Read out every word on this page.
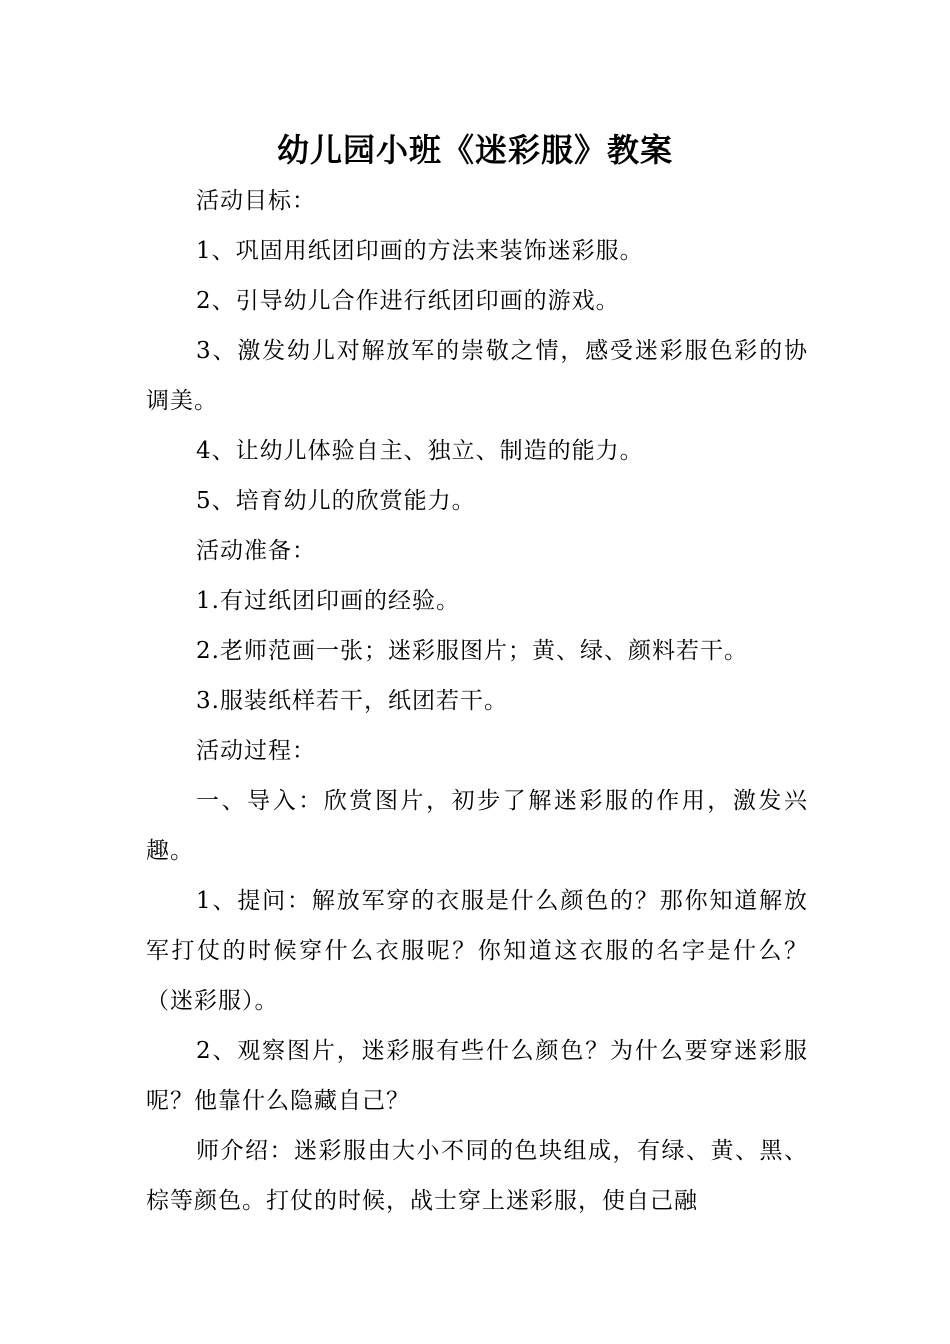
幼儿园小班《迷彩服》教案

活动目标：

1、巩固用纸团印画的方法来装饰迷彩服。

2、引导幼儿合作进行纸团印画的游戏。

3、激发幼儿对解放军的崇敬之情，感受迷彩服色彩的协调美。

4、让幼儿体验自主、独立、制造的能力。

5、培育幼儿的欣赏能力。

活动准备：

1.有过纸团印画的经验。

2.老师范画一张；迷彩服图片；黄、绿、颜料若干。

3.服装纸样若干，纸团若干。

活动过程：

一、导入：欣赏图片，初步了解迷彩服的作用，激发兴趣。

1、提问：解放军穿的衣服是什么颜色的？那你知道解放军打仗的时候穿什么衣服呢？你知道这衣服的名字是什么？ （迷彩服）。

2、观察图片，迷彩服有些什么颜色？为什么要穿迷彩服呢？他靠什么隐藏自己？

师介绍：迷彩服由大小不同的色块组成，有绿、黄、黑、棕等颜色。打仗的时候，战士穿上迷彩服，使自己融
